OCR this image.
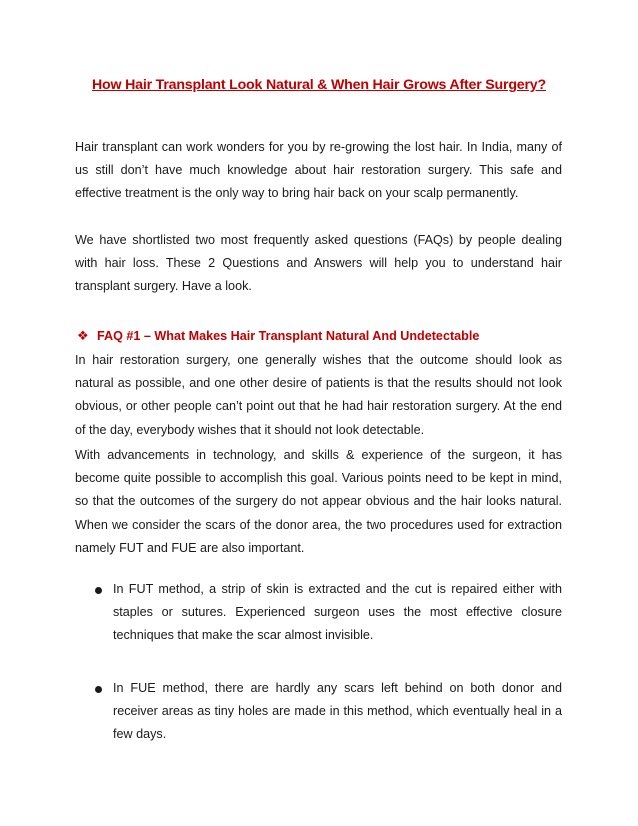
How Hair Transplant Look Natural & When Hair Grows After Surgery?

Hair transplant can work wonders for you by re-growing the lost hair. In India, many of us still don’t have much knowledge about hair restoration surgery. This safe and effective treatment is the only way to bring hair back on your scalp permanently.

We have shortlisted two most frequently asked questions (FAQs) by people dealing with hair loss. These 2 Questions and Answers will help you to understand hair transplant surgery. Have a look.

❖ FAQ #1 – What Makes Hair Transplant Natural And Undetectable

In hair restoration surgery, one generally wishes that the outcome should look as natural as possible, and one other desire of patients is that the results should not look obvious, or other people can’t point out that he had hair restoration surgery. At the end of the day, everybody wishes that it should not look detectable.

With advancements in technology, and skills & experience of the surgeon, it has become quite possible to accomplish this goal. Various points need to be kept in mind, so that the outcomes of the surgery do not appear obvious and the hair looks natural. When we consider the scars of the donor area, the two procedures used for extraction namely FUT and FUE are also important.

In FUT method, a strip of skin is extracted and the cut is repaired either with staples or sutures. Experienced surgeon uses the most effective closure techniques that make the scar almost invisible.

In FUE method, there are hardly any scars left behind on both donor and receiver areas as tiny holes are made in this method, which eventually heal in a few days.
